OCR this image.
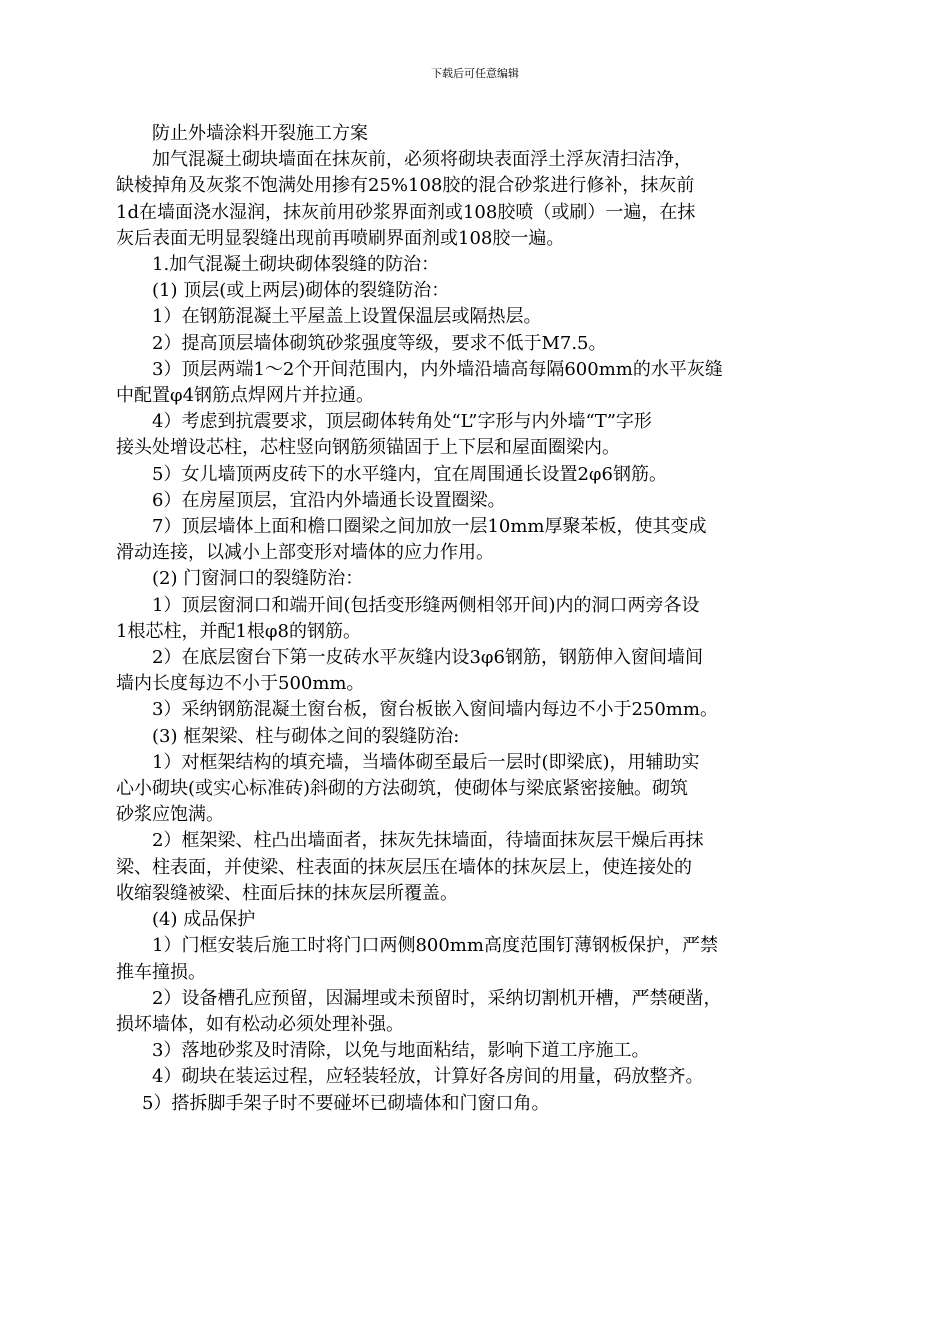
下载后可任意编辑

防止外墙涂料开裂施工方案

加气混凝土砌块墙面在抹灰前，必须将砌块表面浮土浮灰清扫洁净，

缺棱掉角及灰浆不饱满处用掺有25%108胶的混合砂浆进行修补，抹灰前

1d在墙面浇水湿润，抹灰前用砂浆界面剂或108胶喷（或刷）一遍，在抹

灰后表面无明显裂缝出现前再喷刷界面剂或108胶一遍。

1.加气混凝土砌块砌体裂缝的防治：

(1) 顶层(或上两层)砌体的裂缝防治：

1）在钢筋混凝土平屋盖上设置保温层或隔热层。

2）提高顶层墙体砌筑砂浆强度等级，要求不低于M7.5。

3）顶层两端1～2个开间范围内，内外墙沿墙高每隔600mm的水平灰缝

中配置φ4钢筋点焊网片并拉通。

4）考虑到抗震要求，顶层砌体转角处“L”字形与内外墙“T”字形

接头处增设芯柱，芯柱竖向钢筋须锚固于上下层和屋面圈梁内。

5）女儿墙顶两皮砖下的水平缝内，宜在周围通长设置2φ6钢筋。

6）在房屋顶层，宜沿内外墙通长设置圈梁。

7）顶层墙体上面和檐口圈梁之间加放一层10mm厚聚苯板，使其变成

滑动连接，以减小上部变形对墙体的应力作用。

(2) 门窗洞口的裂缝防治：

1）顶层窗洞口和端开间(包括变形缝两侧相邻开间)内的洞口两旁各设

1根芯柱，并配1根φ8的钢筋。

2）在底层窗台下第一皮砖水平灰缝内设3φ6钢筋，钢筋伸入窗间墙间

墙内长度每边不小于500mm。

3）采纳钢筋混凝土窗台板，窗台板嵌入窗间墙内每边不小于250mm。

(3) 框架梁、柱与砌体之间的裂缝防治:

1）对框架结构的填充墙，当墙体砌至最后一层时(即梁底)，用辅助实

心小砌块(或实心标准砖)斜砌的方法砌筑，使砌体与梁底紧密接触。砌筑

砂浆应饱满。

2）框架梁、柱凸出墙面者，抹灰先抹墙面，待墙面抹灰层干燥后再抹

梁、柱表面，并使梁、柱表面的抹灰层压在墙体的抹灰层上，使连接处的

收缩裂缝被梁、柱面后抹的抹灰层所覆盖。

(4) 成品保护

1）门框安装后施工时将门口两侧800mm高度范围钉薄钢板保护，严禁

推车撞损。

2）设备槽孔应预留，因漏埋或未预留时，采纳切割机开槽，严禁硬凿，

损坏墙体，如有松动必须处理补强。

3）落地砂浆及时清除，以免与地面粘结，影响下道工序施工。

4）砌块在装运过程，应轻装轻放，计算好各房间的用量，码放整齐。

5）搭拆脚手架子时不要碰坏已砌墙体和门窗口角。
